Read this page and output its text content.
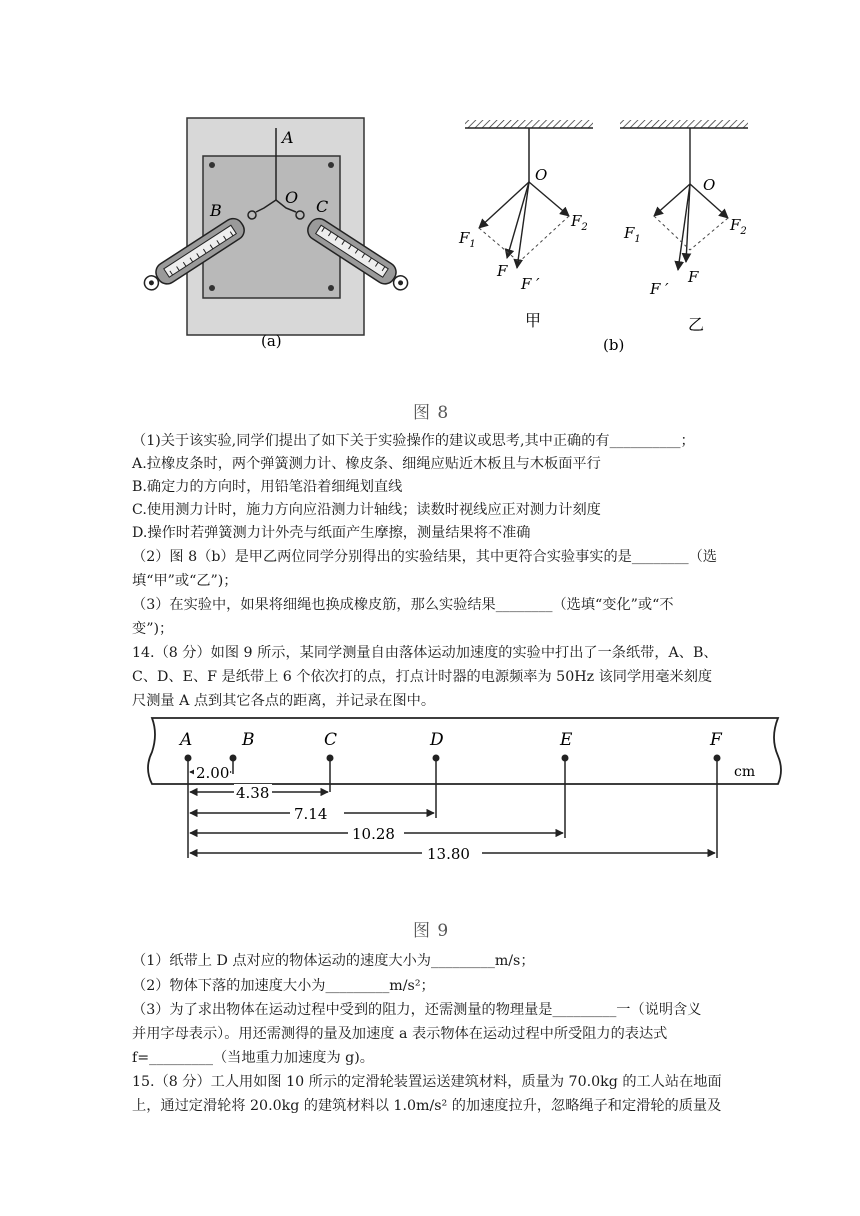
A
B
O C
(a)
O
$F_1$
$F_2$
F
F ′
甲
(b)
O
$F_1$
$F_2$
F
F ′
乙
图 8
（1)关于该实验,同学们提出了如下关于实验操作的建议或思考,其中正确的有__________；
A.拉橡皮条时，两个弹簧测力计、橡皮条、细绳应贴近木板且与木板面平行
B.确定力的方向时，用铅笔沿着细绳划直线
C.使用测力计时，施力方向应沿测力计轴线；读数时视线应正对测力计刻度
D.操作时若弹簧测力计外壳与纸面产生摩擦，测量结果将不准确
（2）图 8（b）是甲乙两位同学分别得出的实验结果，其中更符合实验事实的是________（选
填“甲”或“乙”)；
（3）在实验中，如果将细绳也换成橡皮筋，那么实验结果________（选填“变化”或“不
变”)；
14.（8 分）如图 9 所示，某同学测量自由落体运动加速度的实验中打出了一条纸带，A、B、
C、D、E、F 是纸带上 6 个依次打的点，打点计时器的电源频率为 50Hz 该同学用毫米刻度
尺测量 A 点到其它各点的距离，并记录在图中。
2.00
4.38
7.14
10.28
13.80
A	B	C	D	E	F
cm
图 9
（1）纸带上 D 点对应的物体运动的速度大小为_________m/s；
（2）物体下落的加速度大小为_________m/s²；
（3）为了求出物体在运动过程中受到的阻力，还需测量的物理量是_________一（说明含义
并用字母表示）。用还需测得的量及加速度 a 表示物体在运动过程中所受阻力的表达式
f=_________（当地重力加速度为 g)。
15.（8 分）工人用如图 10 所示的定滑轮装置运送建筑材料，质量为 70.0kg 的工人站在地面
上，通过定滑轮将 20.0kg 的建筑材料以 1.0m/s² 的加速度拉升，忽略绳子和定滑轮的质量及
